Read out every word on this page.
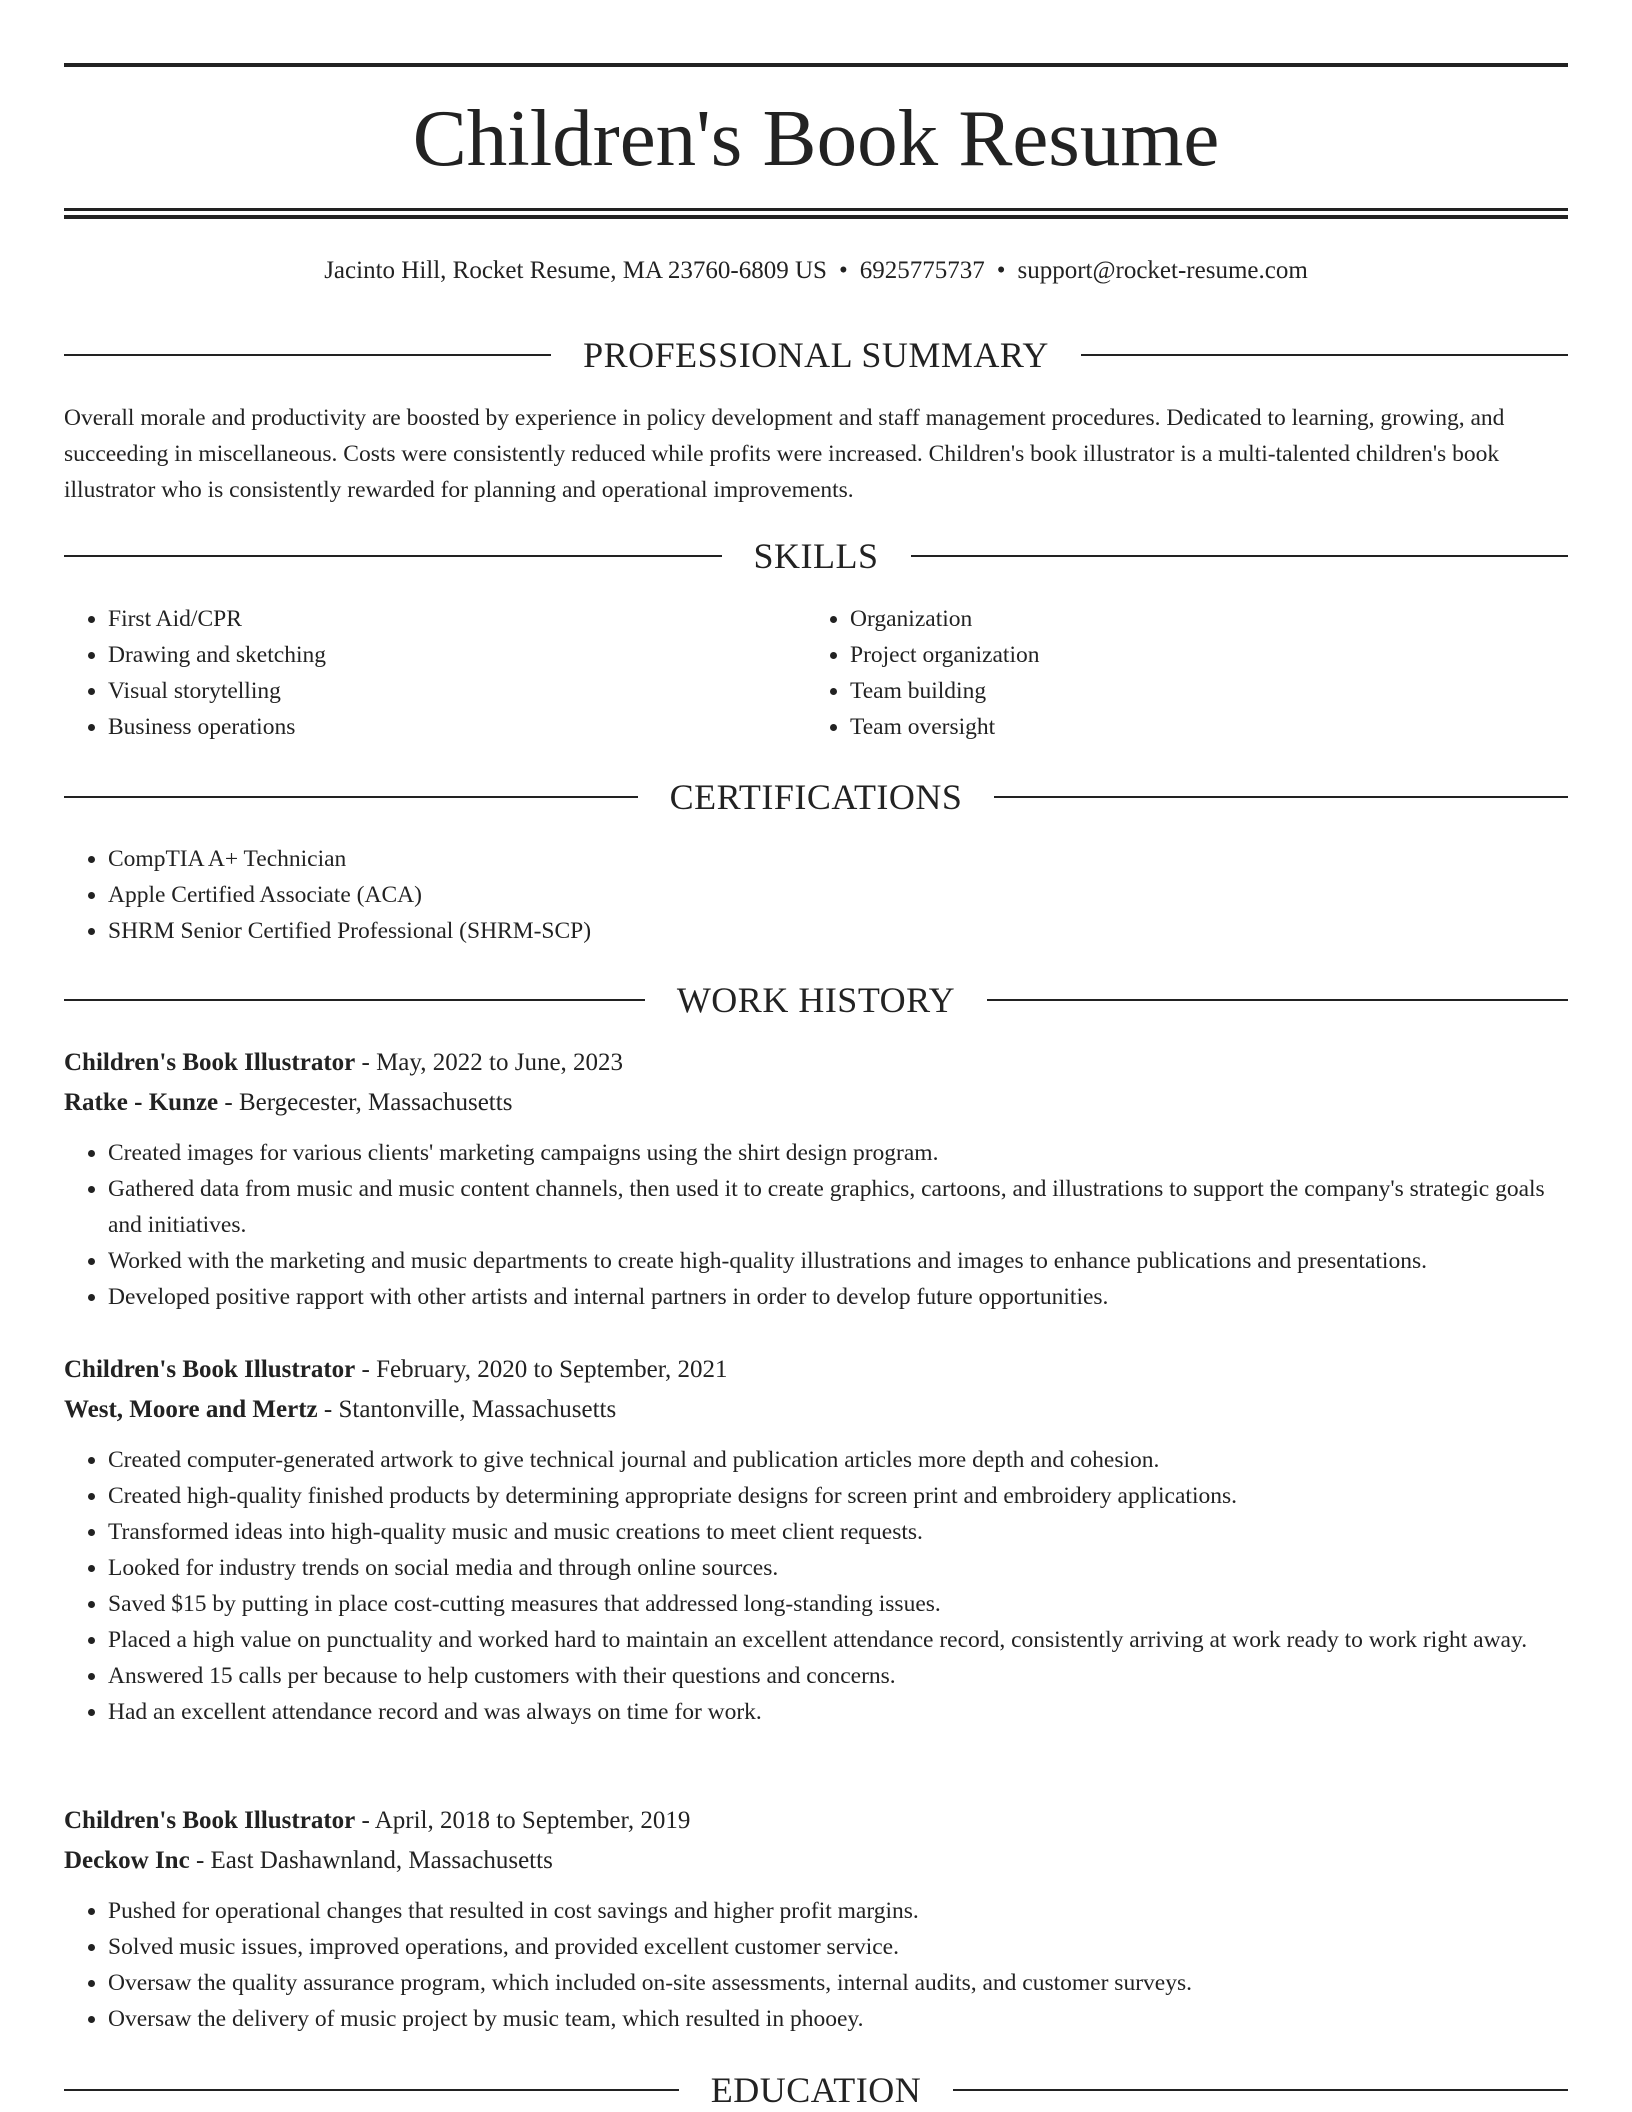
Children's Book Resume
Jacinto Hill, Rocket Resume, MA 23760-6809 US • 6925775737 • support@rocket-resume.com
PROFESSIONAL SUMMARY

Overall morale and productivity are boosted by experience in policy development and staff management procedures. Dedicated to learning, growing, and succeeding in miscellaneous. Costs were consistently reduced while profits were increased. Children's book illustrator is a multi-talented children's book illustrator who is consistently rewarded for planning and operational improvements.

SKILLS
• First Aid/CPR
• Drawing and sketching
• Visual storytelling
• Business operations
• Organization
• Project organization
• Team building
• Team oversight
CERTIFICATIONS
• CompTIA A+ Technician
• Apple Certified Associate (ACA)
• SHRM Senior Certified Professional (SHRM-SCP)
WORK HISTORY
Children's Book Illustrator - May, 2022 to June, 2023
Ratke - Kunze - Bergecester, Massachusetts
• Created images for various clients' marketing campaigns using the shirt design program.
• Gathered data from music and music content channels, then used it to create graphics, cartoons, and illustrations to support the company's strategic goals and initiatives.
• Worked with the marketing and music departments to create high-quality illustrations and images to enhance publications and presentations.
• Developed positive rapport with other artists and internal partners in order to develop future opportunities.
Children's Book Illustrator - February, 2020 to September, 2021
West, Moore and Mertz - Stantonville, Massachusetts
• Created computer-generated artwork to give technical journal and publication articles more depth and cohesion.
• Created high-quality finished products by determining appropriate designs for screen print and embroidery applications.
• Transformed ideas into high-quality music and music creations to meet client requests.
• Looked for industry trends on social media and through online sources.
• Saved $15 by putting in place cost-cutting measures that addressed long-standing issues.
• Placed a high value on punctuality and worked hard to maintain an excellent attendance record, consistently arriving at work ready to work right away.
• Answered 15 calls per because to help customers with their questions and concerns.
• Had an excellent attendance record and was always on time for work.
Children's Book Illustrator - April, 2018 to September, 2019
Deckow Inc - East Dashawnland, Massachusetts
• Pushed for operational changes that resulted in cost savings and higher profit margins.
• Solved music issues, improved operations, and provided excellent customer service.
• Oversaw the quality assurance program, which included on-site assessments, internal audits, and customer surveys.
• Oversaw the delivery of music project by music team, which resulted in phooey.
EDUCATION
